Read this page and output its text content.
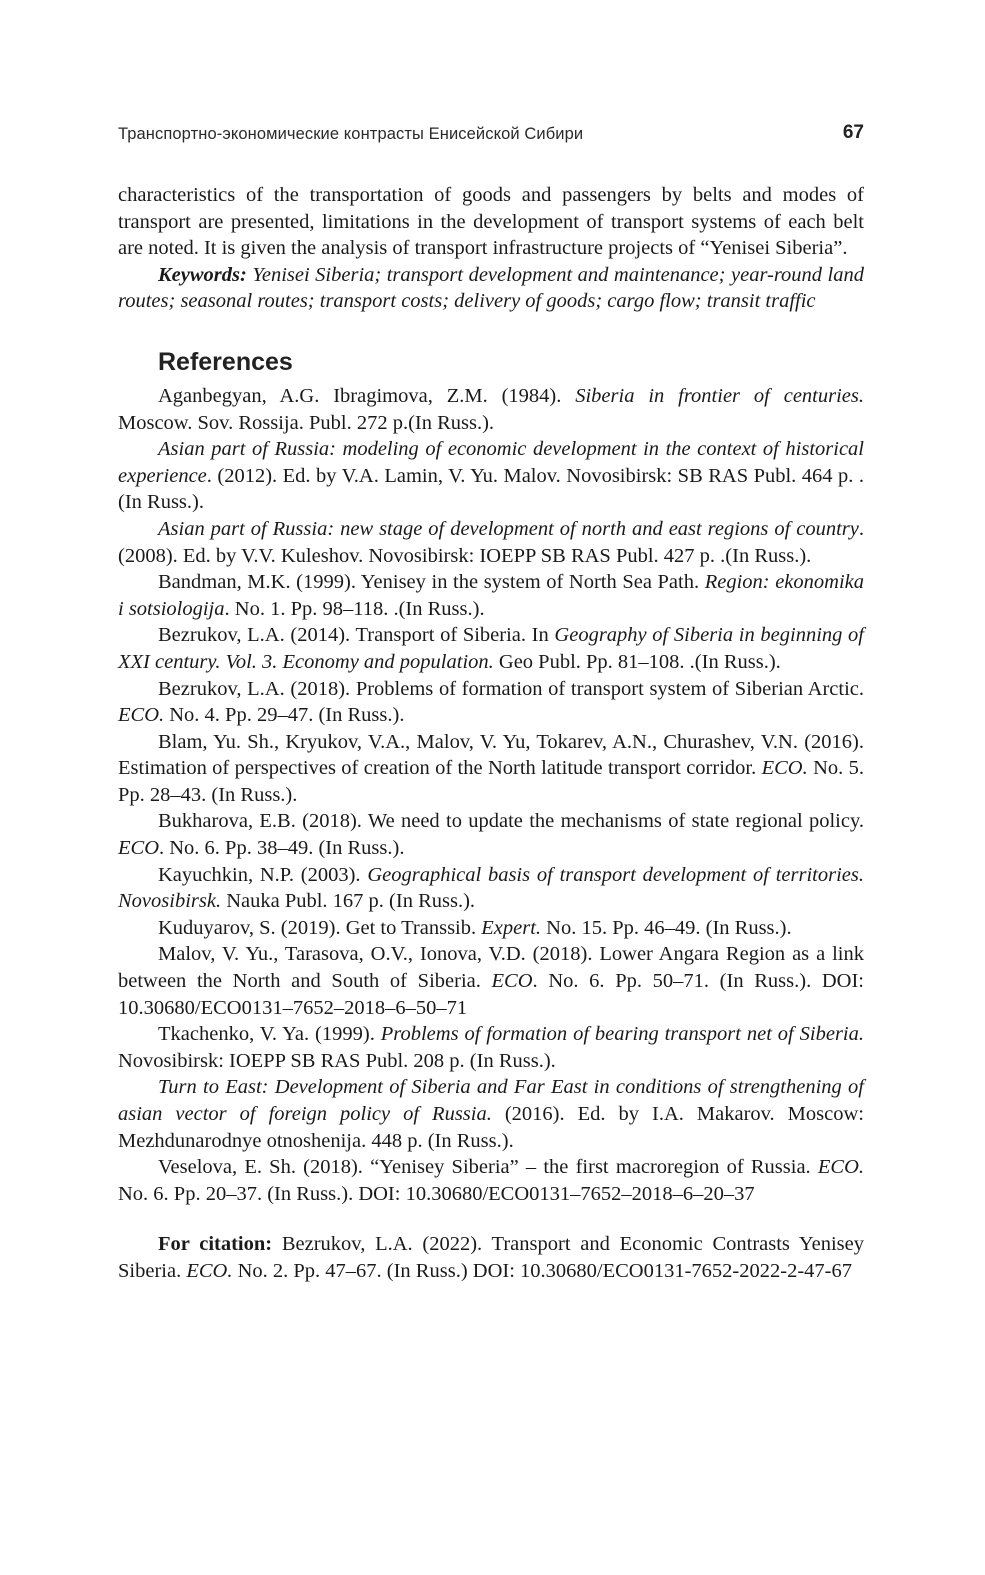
Транспортно-экономические контрасты Енисейской Сибири	67

characteristics of the transportation of goods and passengers by belts and modes of transport are presented, limitations in the development of transport systems of each belt are noted. It is given the analysis of transport infrastructure projects of “Yenisei Siberia”.

Keywords: Yenisei Siberia; transport development and maintenance; year-round land routes; seasonal routes; transport costs; delivery of goods; cargo flow; transit traffic

References

Aganbegyan, A.G. Ibragimova, Z.M. (1984). Siberia in frontier of centuries. Moscow. Sov. Rossija. Publ. 272 p.(In Russ.).

Asian part of Russia: modeling of economic development in the context of historical experience. (2012). Ed. by V.A. Lamin, V. Yu. Malov. Novosibirsk: SB RAS Publ. 464 p. .(In Russ.).

Asian part of Russia: new stage of development of north and east regions of country. (2008). Ed. by V.V. Kuleshov. Novosibirsk: IOEPP SB RAS Publ. 427 p. .(In Russ.).

Bandman, M.K. (1999). Yenisey in the system of North Sea Path. Region: ekonomika i sotsiologija. No. 1. Pp. 98–118. .(In Russ.).

Bezrukov, L.A. (2014). Transport of Siberia. In Geography of Siberia in beginning of XXI century. Vol. 3. Economy and population. Geo Publ. Pp. 81–108. .(In Russ.).

Bezrukov, L.A. (2018). Problems of formation of transport system of Siberian Arctic. ECO. No. 4. Pp. 29–47. (In Russ.).

Blam, Yu. Sh., Kryukov, V.A., Malov, V. Yu, Tokarev, A.N., Churashev, V.N. (2016). Estimation of perspectives of creation of the North latitude transport corridor. ECO. No. 5. Pp. 28–43. (In Russ.).

Bukharova, E.B. (2018). We need to update the mechanisms of state regional policy. ECO. No. 6. Pp. 38–49. (In Russ.).

Kayuchkin, N.P. (2003). Geographical basis of transport development of territories. Novosibirsk. Nauka Publ. 167 p. (In Russ.).

Kuduyarov, S. (2019). Get to Transsib. Expert. No. 15. Pp. 46–49. (In Russ.).

Malov, V. Yu., Tarasova, O.V., Ionova, V.D. (2018). Lower Angara Region as a link between the North and South of Siberia. ECO. No. 6. Pp. 50–71. (In Russ.). DOI: 10.30680/ECO0131–7652–2018–6–50–71

Tkachenko, V. Ya. (1999). Problems of formation of bearing transport net of Siberia. Novosibirsk: IOEPP SB RAS Publ. 208 p. (In Russ.).

Turn to East: Development of Siberia and Far East in conditions of strengthening of asian vector of foreign policy of Russia. (2016). Ed. by I.A. Makarov. Moscow: Mezhdunarodnye otnoshenija. 448 p. (In Russ.).

Veselova, E. Sh. (2018). “Yenisey Siberia” – the first macroregion of Russia. ECO. No. 6. Pp. 20–37. (In Russ.). DOI: 10.30680/ECO0131–7652–2018–6–20–37

For citation: Bezrukov, L.A. (2022). Transport and Economic Contrasts Yenisey Siberia. ECO. No. 2. Pp. 47–67. (In Russ.) DOI: 10.30680/ECO0131-7652-2022-2-47-67
